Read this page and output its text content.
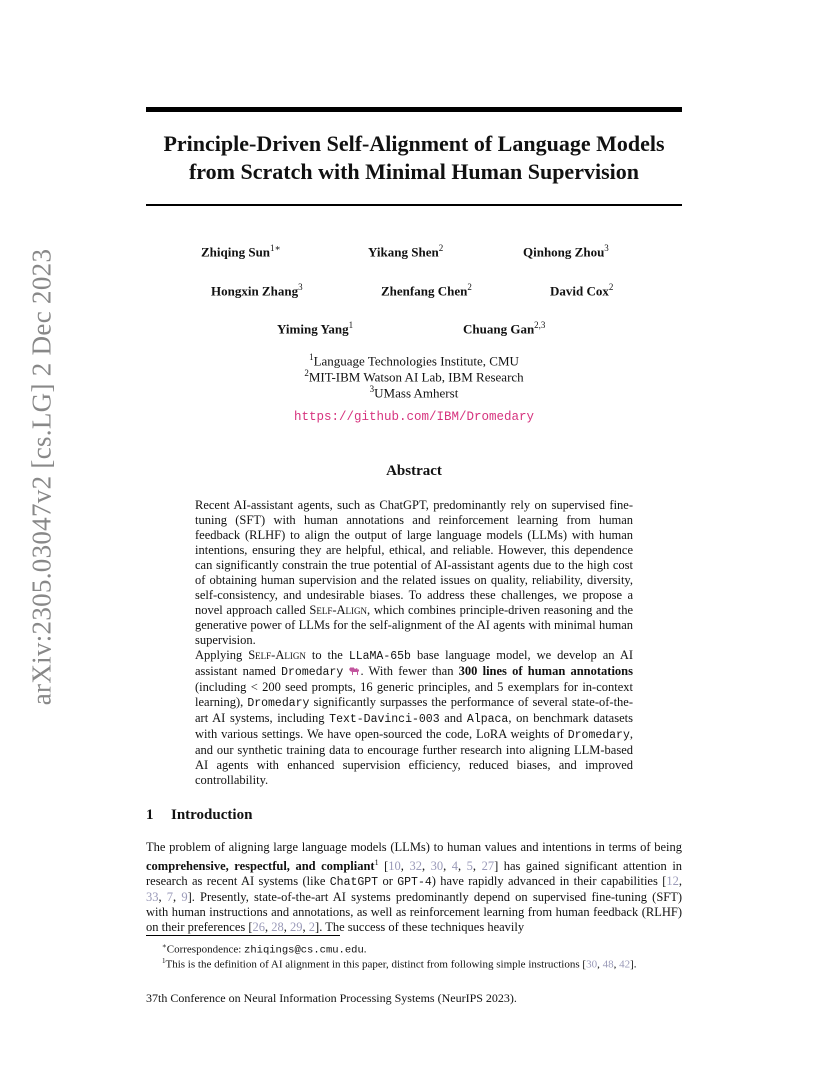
arXiv:2305.03047v2 [cs.LG] 2 Dec 2023
Principle-Driven Self-Alignment of Language Models
from Scratch with Minimal Human Supervision
Zhiqing Sun$^{1∗}$	Yikang Shen$^2$	Qinhong Zhou$^3$
Hongxin Zhang$^3$	Zhenfang Chen$^2$	David Cox$^2$
Yiming Yang$^1$	Chuang Gan$^{2,3}$
$^1$Language Technologies Institute, CMU
$^2$MIT-IBM Watson AI Lab, IBM Research
$^3$UMass Amherst
https://github.com/IBM/Dromedary
Abstract

Recent AI-assistant agents, such as ChatGPT, predominantly rely on supervised fine-tuning (SFT) with human annotations and reinforcement learning from human feedback (RLHF) to align the output of large language models (LLMs) with human intentions, ensuring they are helpful, ethical, and reliable. However, this dependence can significantly constrain the true potential of AI-assistant agents due to the high cost of obtaining human supervision and the related issues on quality, reliability, diversity, self-consistency, and undesirable biases. To address these challenges, we propose a novel approach called Self-Align, which combines principle-driven reasoning and the generative power of LLMs for the self-alignment of the AI agents with minimal human supervision.

Applying Self-Align to the LLaMA-65b base language model, we develop an AI assistant named Dromedary . With fewer than 300 lines of human annotations (including < 200 seed prompts, 16 generic principles, and 5 exemplars for in-context learning), Dromedary significantly surpasses the performance of several state-of-the-art AI systems, including Text-Davinci-003 and Alpaca, on benchmark datasets with various settings. We have open-sourced the code, LoRA weights of Dromedary, and our synthetic training data to encourage further research into aligning LLM-based AI agents with enhanced supervision efficiency, reduced biases, and improved controllability.

1 Introduction
The problem of aligning large language models (LLMs) to human values and intentions in terms of being comprehensive, respectful, and compliant$^1$ [10, 32, 30, 4, 5, 27] has gained significant attention in research as recent AI systems (like ChatGPT or GPT-4) have rapidly advanced in their capabilities [12, 33, 7, 9]. Presently, state-of-the-art AI systems predominantly depend on supervised fine-tuning (SFT) with human instructions and annotations, as well as reinforcement learning from human feedback (RLHF) on their preferences [26, 28, 29, 2]. The success of these techniques heavily
∗Correspondence: zhiqings@cs.cmu.edu.
$^1$This is the definition of AI alignment in this paper, distinct from following simple instructions [30, 48, 42].
37th Conference on Neural Information Processing Systems (NeurIPS 2023).
